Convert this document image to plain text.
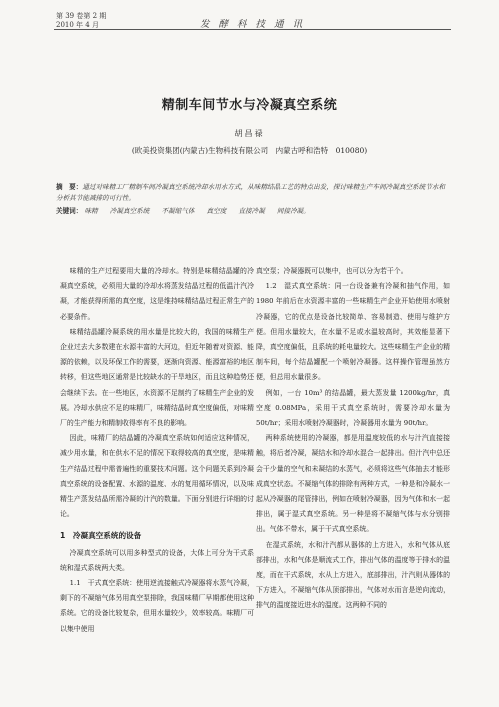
第 39 卷第 2 期
2010 年 4 月	发 酵 科 技 通 讯
精制车间节水与冷凝真空系统
胡昌禄
(欧美投资集团(内蒙古)生物科技有限公司　内蒙古呼和浩特　010080)
摘　要：通过对味精工厂精制车间冷凝真空系统冷却水用水方式，从味精结晶工艺的特点出发，探讨味精生产车间冷凝真空系统节水和分析其节能减排的可行性。
关键词： 味精 冷凝真空系统 不凝缩气体 真空度 直接冷凝 间接冷凝。

味精的生产过程要用大量的冷却水。特别是味精结晶罐的冷凝真空系统，必须用大量的冷却水将蒸发结晶过程的低温汁汽冷凝，才能获得所需的真空度，这是维持味精结晶过程正常生产的必要条件。

味精结晶罐冷凝系统的用水量是比较大的，我国的味精生产企业过去大多数建在水源丰富的大河边，但近年随着对资源、能源的依赖，以及环保工作的需要，逐渐向资源、能源富裕的地区转移，但这些地区通常是比较缺水的干旱地区，而且这种趋势还会继续下去。在一些地区，水资源不足制约了味精生产企业的发展。冷却水供应不足的味精厂，味精结晶时真空度偏低，对味精厂的生产能力和精制收得率有不良的影响。

因此，味精厂的结晶罐的冷凝真空系统如何适应这种情况，减少用水量，和在供水不足的情况下取得较高的真空度，是味精生产结晶过程中需普遍性的重要技术问题。这个问题关系到冷凝真空系统的设备配置、水源的温度、水的复用循环情况，以及味精生产蒸发结晶所需冷凝的汁汽的数量。下面分别进行详细的讨论。

1　冷凝真空系统的设备

冷凝真空系统可以用多种型式的设备，大体上可分为干式系统和湿式系统两大类。

1.1　干式真空系统：使用逆流接触式冷凝器将水蒸气冷凝，剩下的不凝缩气体另用真空泵排除，我国味精厂早期都使用这种系统。它的设备比较复杂，但用水量较少，效率较高。味精厂可以集中使用

真空泵；冷凝器既可以集中，也可以分为若干个。

1.2　湿式真空系统：同一台设备兼有冷凝和抽气作用，如 1980 年前后在水资源丰富的一些味精生产企业开始使用水喷射冷凝器，它的优点是设备比较简单、容易制造、使用与维护方便。但用水量较大，在水量不足或水温较高时，其效能显著下降，真空度偏低，且系统的耗电量较大。这些味精生产企业的精制车间，每个结晶罐配一个喷射冷凝器。这样操作管理虽然方便，但总用水量很多。

例如，一台 10m³ 的结晶罐，最大蒸发量 1200kg/hr，真空度 0.08MPa，采用干式真空系统时，需要冷却水量为 50t/hr；采用水喷射冷凝器时，冷凝器用水量为 90t/hr。

两种系统使用的冷凝器，都是用温度较低的水与汁汽直接接触，将后者冷凝，凝结水和冷却水混合一起排出。但汁汽中总还会干少量的空气和未凝结的水蒸气，必须将这些气体抽去才能形成真空状态。不凝缩气体的排除有两种方式，一种是和冷凝水一起从冷凝器的尾管排出，例如在喷射冷凝器，因为气体和水一起排出，属于湿式真空系统。另一种是将不凝缩气体与水分别排出。气体不带水，属于干式真空系统。

在湿式系统，水和汁汽都从器体的上方进入，水和气体从底部排出，水和气体是顺流式工作，排出气体的温度等于排水的温度，而在干式系统，水从上方进入，底部排出，汁汽则从器体的下方进入，不凝缩气体从顶部排出，气体对水而言是逆向流动，排气的温度接近进水的温度。这两种不同的
